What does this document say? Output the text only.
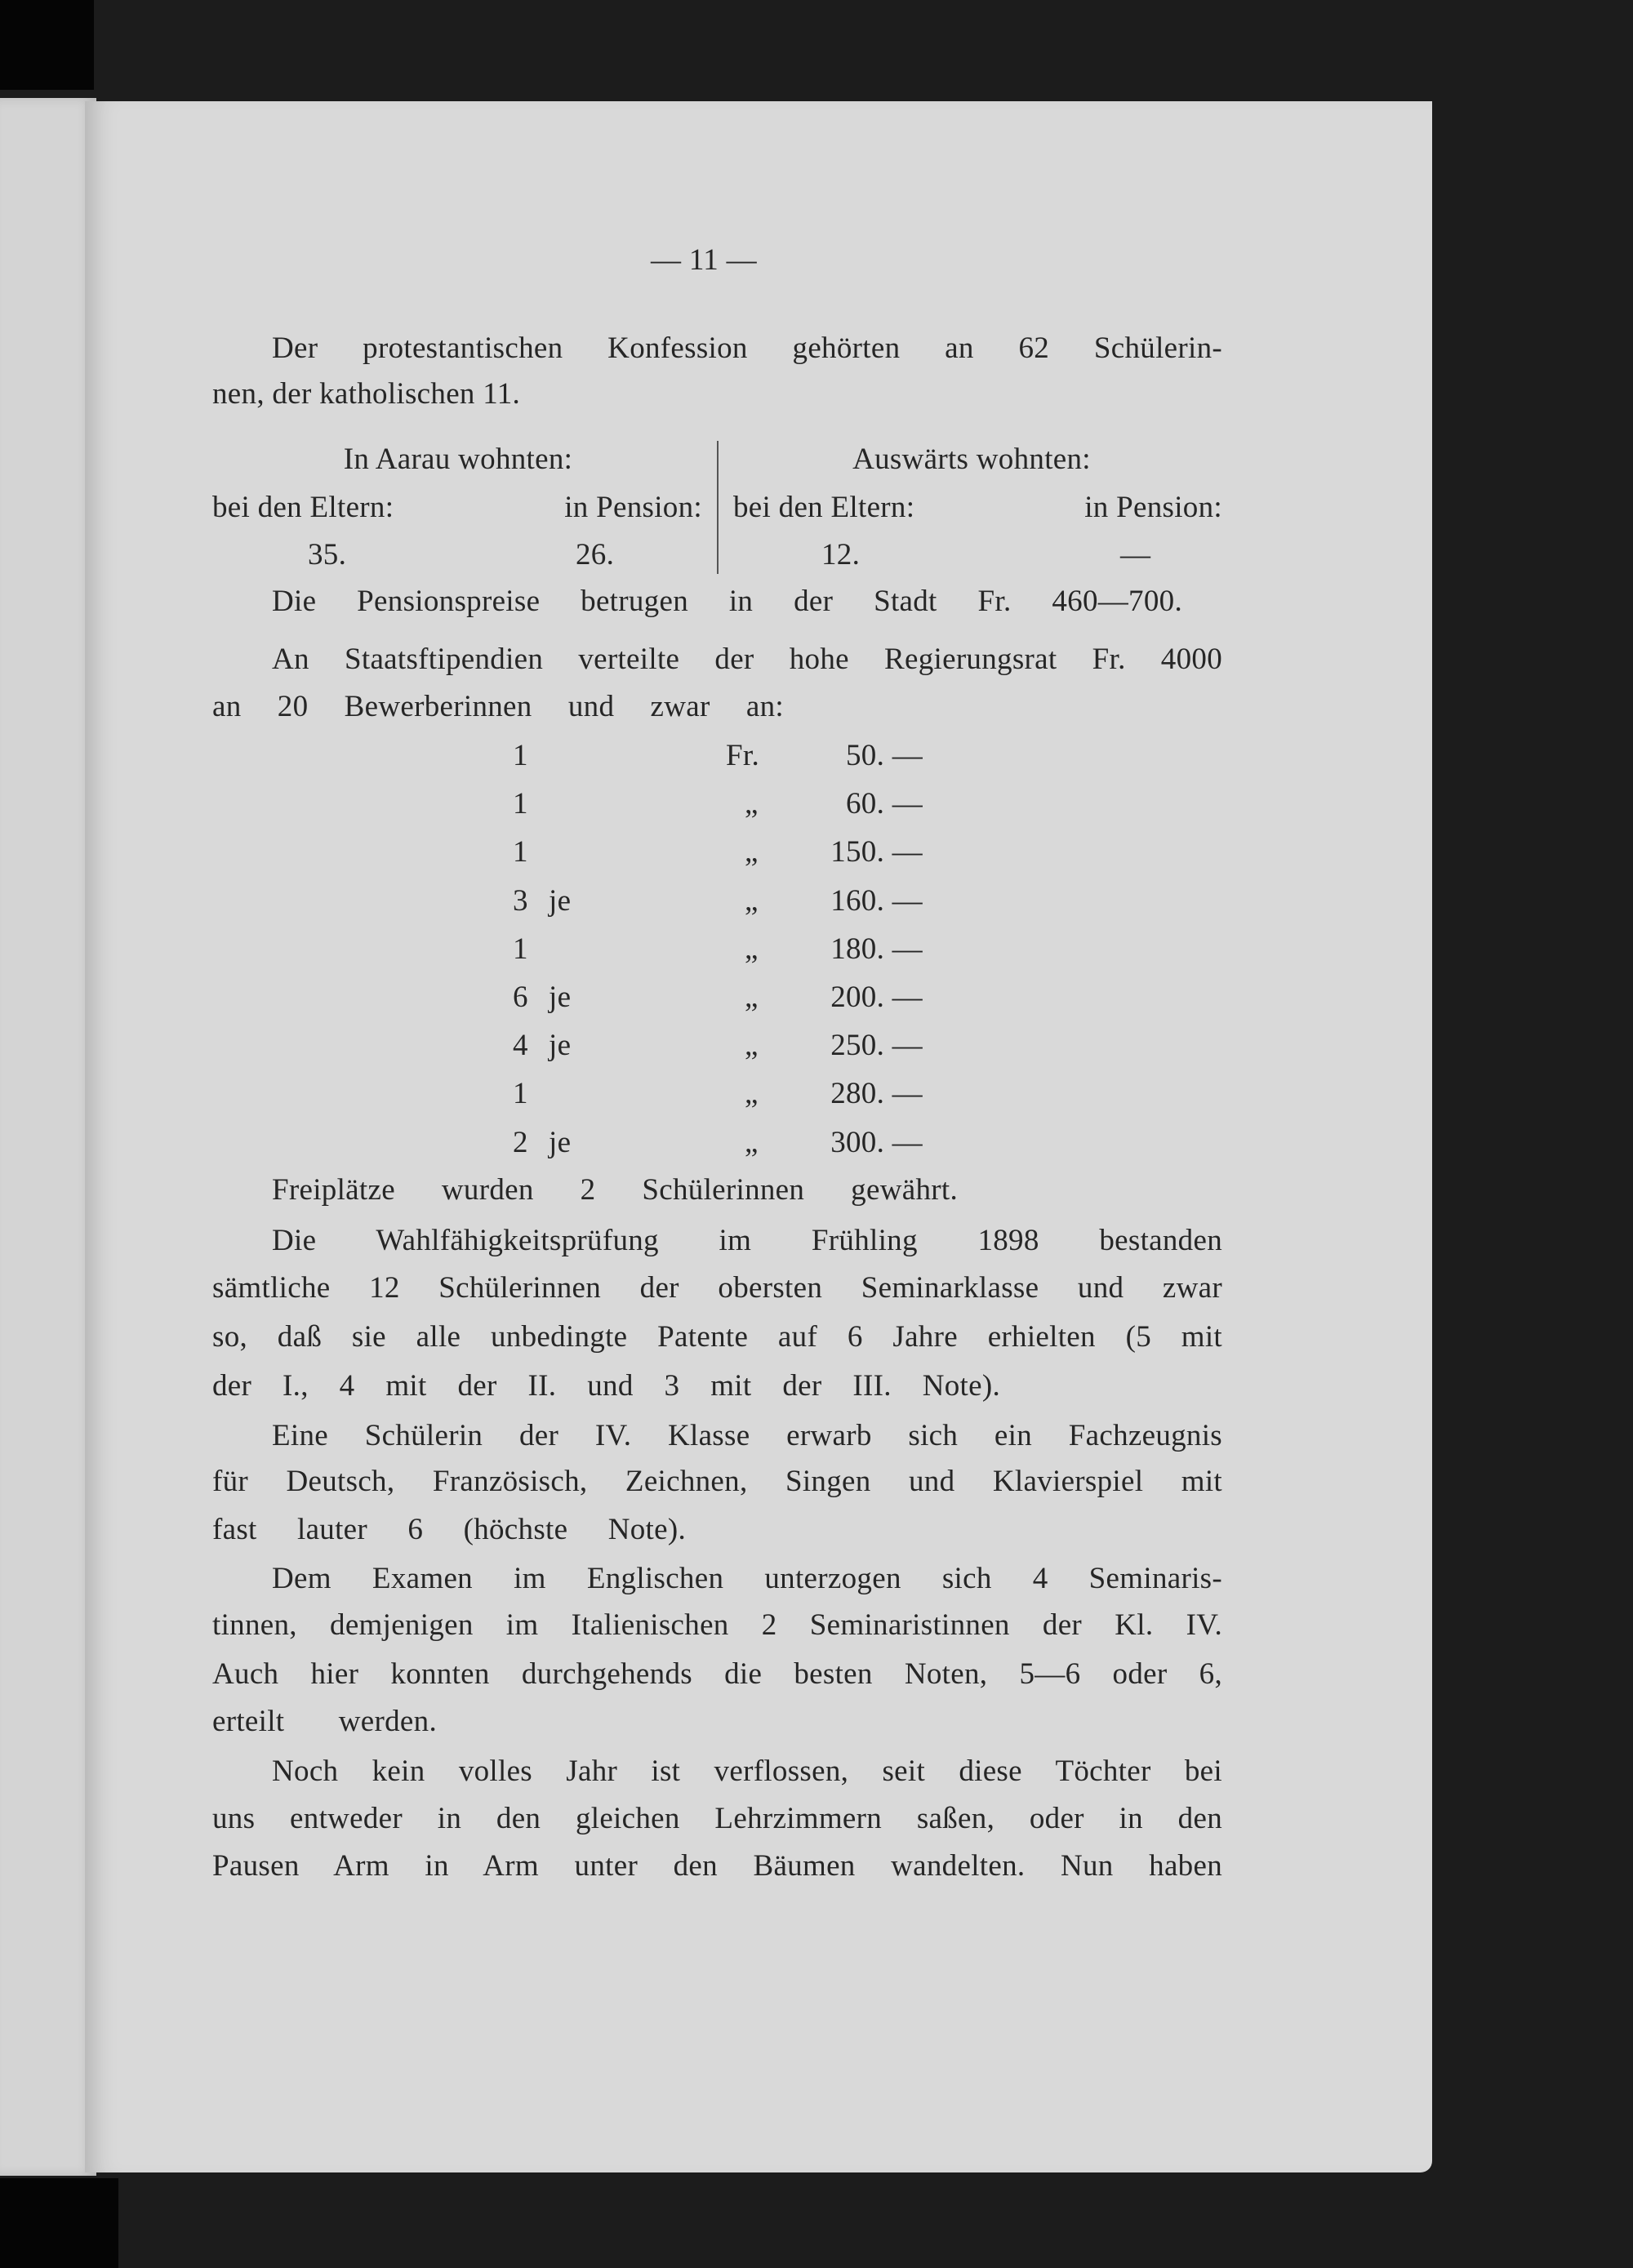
— 11 —
Der protestantischen Konfession gehörten an 62 Schülerin-
nen, der katholischen 11.
In Aarau wohnten:	Auswärts wohnten:
bei den Eltern:	in Pension: bei den Eltern:	in Pension:
35.	26.	12.	—
Die Pensionspreise betrugen in der Stadt Fr. 460—700.
An Staatsftipendien verteilte der hohe Regierungsrat Fr. 4000
an 20 Bewerberinnen und zwar an:
1	Fr.	50. —
1	„	60. —
1	„	150. —
3 je	„	160. —
1	„	180. —
6 je	„	200. —
4 je	„	250. —
1	„	280. —
2 je	„	300. —
Freiplätze wurden 2 Schülerinnen gewährt.
Die Wahlfähigkeitsprüfung im Frühling 1898 bestanden
sämtliche 12 Schülerinnen der obersten Seminarklasse und zwar
so, daß sie alle unbedingte Patente auf 6 Jahre erhielten (5 mit
der I., 4 mit der II. und 3 mit der III. Note).
Eine Schülerin der IV. Klasse erwarb sich ein Fachzeugnis
für Deutsch, Französisch, Zeichnen, Singen und Klavierspiel mit
fast lauter 6 (höchste Note).
Dem Examen im Englischen unterzogen sich 4 Seminaris-
tinnen, demjenigen im Italienischen 2 Seminaristinnen der Kl. IV.
Auch hier konnten durchgehends die besten Noten, 5—6 oder 6,
erteilt werden.
Noch kein volles Jahr ist verflossen, seit diese Töchter bei
uns entweder in den gleichen Lehrzimmern saßen, oder in den
Pausen Arm in Arm unter den Bäumen wandelten. Nun haben
